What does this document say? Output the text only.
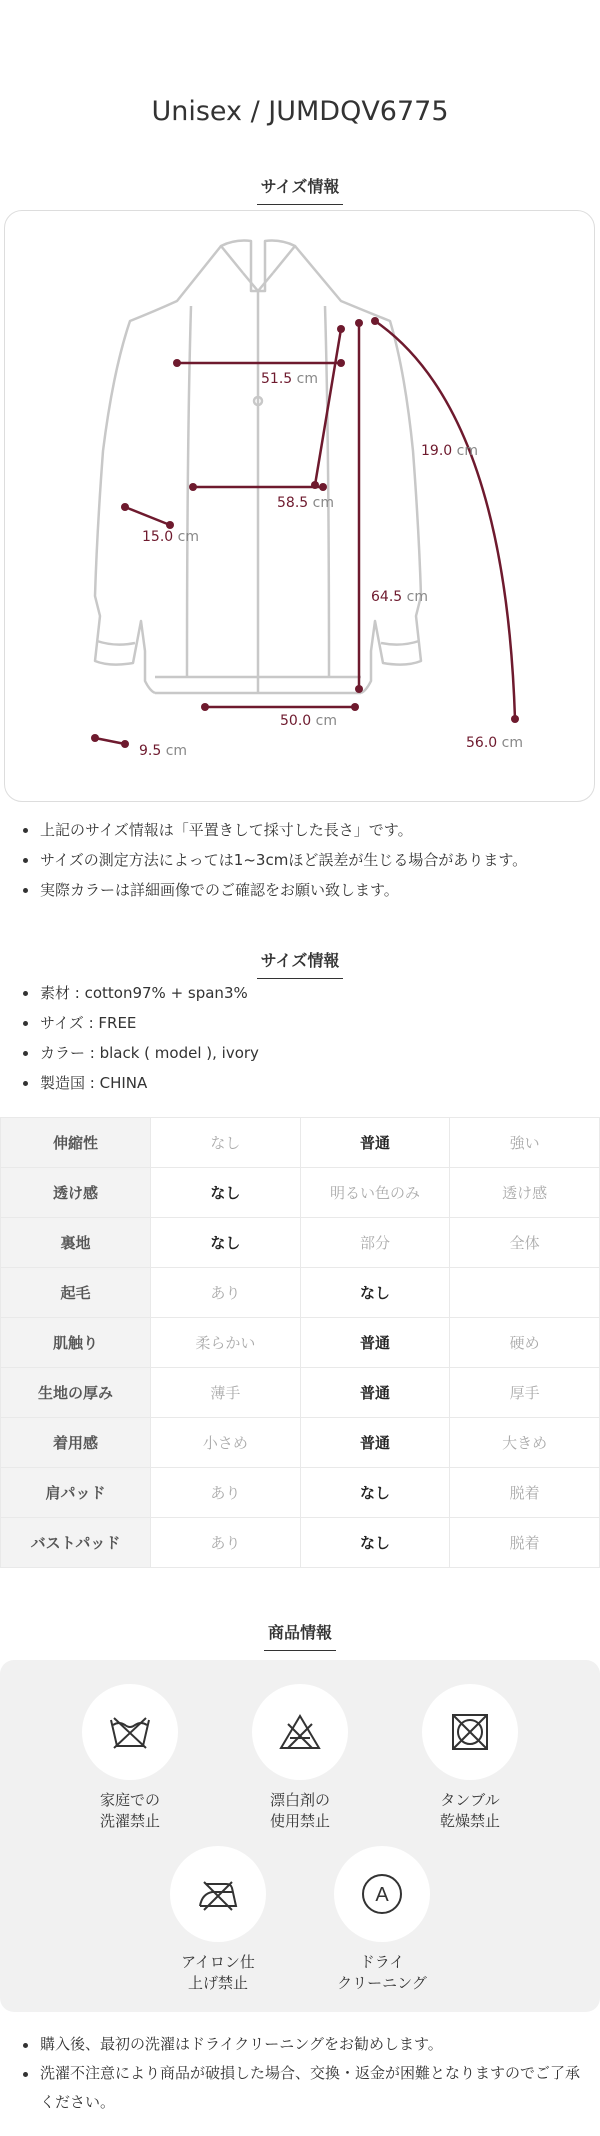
Unisex / JUMDQV6775
サイズ情報
51.5 cm
19.0 cm
58.5 cm
15.0 cm
64.5 cm
50.0 cm
9.5 cm	56.0 cm
上記のサイズ情報は「平置きして採寸した長さ」です。
サイズの測定方法によっては1~3cmほど誤差が生じる場合があります。
実際カラーは詳細画像でのご確認をお願い致します。
サイズ情報
素材 : cotton97% + span3%
サイズ : FREE
カラー : black ( model ), ivory
製造国 : CHINA
伸縮性	なし	普通	強い
透け感	なし	明るい色のみ	透け感
裏地	なし	部分	全体
起毛	あり	なし	
肌触り	柔らかい	普通	硬め
生地の厚み	薄手	普通	厚手
着用感	小さめ	普通	大きめ
肩パッド	あり	なし	脱着
バストパッド	あり	なし	脱着
商品情報
家庭での
洗濯禁止
漂白剤の
使用禁止
タンブル
乾燥禁止
アイロン仕
上げ禁止
A
ドライ
クリーニング
購入後、最初の洗濯はドライクリーニングをお勧めします。
洗濯不注意により商品が破損した場合、交換・返金が困難となりますのでご了承ください。
